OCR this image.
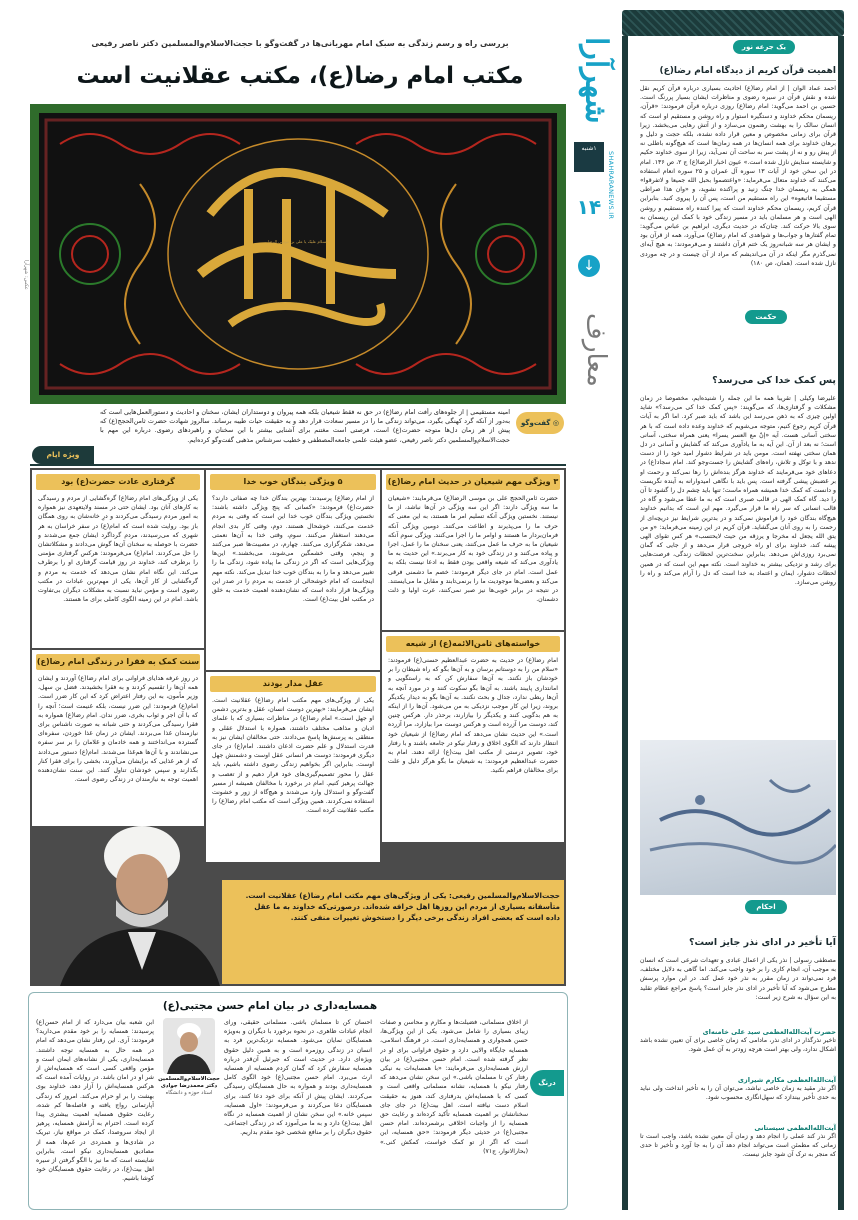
یک جرعه نور
اهمیت قرآن کریم از دیدگاه امام رضا(ع)
احمد عماد الوان | از امام رضا(ع) احادیث بسیاری درباره قرآن کریم نقل شده و نقش قرآن در سیره رضوی و مناظرات ایشان بسیار پررنگ است. حسین بن احمد می‌گوید: امام رضا(ع) روزی درباره قرآن فرمودند: «قرآن، ریسمان محکم خداوند و دستگیره استوار و راه روشن و مستقیم او است که انسان سالک را به بهشت رهنمون می‌سازد و از آتش رهایی می‌بخشد. زیرا قرآن برای زمانی مخصوص و معین قرار داده نشده، بلکه حجت و دلیل و برهان خداوند برای همه انسان‌ها در همه زمان‌ها است که هیچ‌گونه باطلی نه از پیش رو و نه از پشت سر به ساحت آن نمی‌آید، زیرا از سوی خداوند حکیم و شایسته ستایش نازل شده است.» عیون اخبار الرضا(ع) ج ۲، ص ۱۳۶. امام در این سخن خود از آیات ۱۳ سوره آل عمران و ۲۵ سوره انعام استفاده می‌کنند که خداوند متعال می‌فرماید: «واعتصموا بحبل الله جمیعا و لاتفرقوا» همگی به ریسمان خدا چنگ زنید و پراکنده نشوید، و «وان هذا صراطی مستقیما فاتبعوه» این راه مستقیم من است، پس آن را پیروی کنید. بنابراین قرآن کریم، ریسمان محکم خداوند است که پیرا کننده راه مستقیم و روشن الهی است و هر مسلمان باید در مسیر زندگی خود با کمک این ریسمان به سوی بالا حرکت کند. چنان‌که در حدیث دیگری، ابراهیم بن عباس می‌گوید: تمام گفتارها و جواب‌ها و شواهدی که امام رضا(ع) می‌آورد، همه از قرآن بود و ایشان هر سه شبانه‌روز یک ختم قرآن داشتند و می‌فرمودند: به هیچ آیه‌ای نمی‌گذرم مگر اینکه در آن می‌اندیشم که مراد از آن چیست و در چه موردی نازل شده است. (همان، ص ۱۸۰)
حکمت
پس کمک خدا کی می‌رسد؟
علیرضا وکیلی | تقریبا همه ما این جمله را شنیده‌ایم، مخصوصا در زمان مشکلات و گرفتاری‌ها، که می‌گویند: «پس کمک خدا کی می‌رسد؟» شاید اولین چیزی که به ذهن می‌رسد این باشد که باید صبر کرد. اما اگر به آیات قرآن کریم رجوع کنیم، متوجه می‌شویم که خداوند وعده داده است که با هر سختی آسانی هست. آیه «إنّ مع العسر یسرا» یعنی همراه سختی، آسانی است؛ نه بعد از آن. این آیه به ما یادآوری می‌کند که گشایش و آسانی در دل همان سختی نهفته است. مومن باید در شرایط دشوار امید خود را از دست ندهد و با توکل و تلاش، راه‌های گشایش را جست‌وجو کند. امام سجاد(ع) در دعاهای خود می‌فرمایند که خداوند هرگز بنده‌اش را رها نمی‌کند و رحمت او بر غضبش پیشی گرفته است. پس باید با نگاهی امیدوارانه به آینده نگریست و دانست که کمک خدا همیشه همراه ماست؛ تنها باید چشم دل را گشود تا آن را دید. گاه کمک الهی در قالب صبری است که به ما عطا می‌شود و گاه در قالب انسانی که سر راه ما قرار می‌گیرد. مهم این است که بدانیم خداوند هیچ‌گاه بندگان خود را فراموش نمی‌کند و در بدترین شرایط نیز دریچه‌ای از رحمت را به روی آنان می‌گشاید. قرآن کریم در این زمینه می‌فرماید: «و من یتق الله یجعل له مخرجا و یرزقه من حیث لایحتسب» هر کس تقوای الهی پیشه کند، خداوند برای او راه خروجی قرار می‌دهد و از جایی که گمان نمی‌برد روزی‌اش می‌دهد. بنابراین سخت‌ترین لحظات زندگی، فرصت‌هایی برای رشد و نزدیکی بیشتر به خداوند است. نکته مهم این است که در همین لحظات دشوار، ایمان و اعتماد به خدا است که دل را آرام می‌کند و راه را روشن می‌سازد.
احکام
آیا تأخیر در ادای نذر جایز است؟
مصطفی رسولی | نذر یکی از اعمال عبادی و تعهدات شرعی است که انسان به موجب آن، انجام کاری را بر خود واجب می‌کند. اما گاهی به دلایل مختلف، فرد نمی‌تواند در زمان مقرر به نذر خود عمل کند. در این موارد پرسش مطرح می‌شود که آیا تأخیر در ادای نذر جایز است؟ پاسخ مراجع عظام تقلید به این سؤال به شرح زیر است:
حضرت آیت‌الله‌العظمی سید علی خامنه‌ای
تاخیر نذرگذار در ادای نذر، مادامی که زمان خاصی برای آن تعیین نشده باشد اشکال ندارد، ولی بهتر است هرچه زودتر به آن عمل شود.
آیت‌الله‌العظمی مکارم شیرازی
اگر نذر مقید به زمان خاصی نباشد، می‌توان آن را به تأخیر انداخت ولی نباید به حدی تأخیر بیندازد که سهل‌انگاری محسوب شود.
آیت‌الله‌العظمی سیستانی
اگر نذر کند عملی را انجام دهد و زمان آن معین نشده باشد، واجب است تا زمانی که مطمئن است می‌تواند انجام دهد آن را به جا آورد و تأخیر تا حدی که منجر به ترک آن شود جایز نیست.
شهرآرا
۱شنبه
SHAHRARANEWS.IR
۱۴
↓
معارف
بررسی راه و رسم زندگی به سبک امام مهربانی‌ها در گفت‌وگو با حجت‌الاسلام‌والمسلمین دکتر ناصر رفیعی
مکتب امام رضا(ع)، مکتب عقلانیت است
السلام علیک یا علی بن موسی الرضا
عکس: شهرآرا
ویژه ایام
◎ گفت‌وگو
امینه مستقیمی | از جلوه‌های رأفت امام رضا(ع) در حق نه فقط شیعیان بلکه همه پیروان و دوستداران ایشان، سخنان و احادیث و دستورالعمل‌هایی است که به‌دور از آنکه گرد کهنگی بگیرد، می‌تواند زندگی ما را در مسیر سعادت قرار دهد و به حقیقت حیات طیبه برساند. سالروز شهادت حضرت ثامن‌الحجج(ع) که پیش از هر زمان دل‌ها متوجه حضرت(ع) است، فرصتی است مغتنم برای آشنایی بیشتر با این سخنان و راهبردهای رضوی. درباره این مهم با حجت‌الاسلام‌والمسلمین دکتر ناصر رفیعی، عضو هیئت علمی جامعه‌المصطفی و خطیب سرشناس مذهبی گفت‌وگو کرده‌ایم.
۳ ویژگی مهم شیعیان در حدیث امام رضا(ع)
حضرت ثامن‌الحجج علی بن موسی الرضا(ع) می‌فرمایند: «شیعیان ما سه ویژگی دارند: اگر این سه ویژگی در آن‌ها نباشد، از ما نیستند. نخستین ویژگی آنکه تسلیم امر ما هستند، به این معنی که حرف ما را می‌پذیرند و اطاعت می‌کنند. دومین ویژگی آنکه فرمان‌بردار ما هستند و اوامر ما را اجرا می‌کنند. ویژگی سوم آنکه شیعیان ما به حرف ما عمل می‌کنند، یعنی سخنان ما را عمل، اجرا و پیاده می‌کنند و در زندگی خود به کار می‌برند.» این حدیث به ما یادآوری می‌کند که شیعه واقعی بودن فقط به ادعا نیست بلکه به عمل است. امام در جای دیگر فرمودند: خصم ما دشمنی فرقی می‌کند و بعضی‌ها موجودیت ما را برنمی‌تابند و مقابل ما می‌ایستند. در نتیجه در برابر خوبی‌ها نیز صبر نمی‌کنند، عرت اولیا و ذلت دشمنان.
خواسته‌های ثامن‌الائمه(ع) از شیعه
امام رضا(ع) در حدیث به حضرت عبدالعظیم حسنی(ع) فرمودند: «سلام من را به دوستانم برسان و به آن‌ها بگو که راه شیطان را بر خودشان باز نکنند. به آن‌ها سفارش کن که به راستگویی و امانتداری پایبند باشند. به آن‌ها بگو سکوت کنند و در مورد آنچه به آن‌ها ربطی ندارد، جدال و بحث نکنند. به آن‌ها بگو به دیدار یکدیگر بروند، زیرا این کار موجب نزدیکی به من می‌شود. آن‌ها را از اینکه به هم بدگویی کنند و یکدیگر را بیازارند، برحذر دار. هرکس چنین کند، دوست مرا آزرده است و هرکس دوست مرا بیازارد، مرا آزرده است.» این حدیث نشان می‌دهد که امام رضا(ع) از شیعیان خود انتظار دارند که الگوی اخلاق و رفتار نیکو در جامعه باشند و با رفتار خود، تصویر درستی از مکتب اهل بیت(ع) ارائه دهند. امام به حضرت عبدالعظیم فرمودند: به شیعیان ما بگو هرگز دلیل و علت برای مخالفان فراهم نکنید.
۵ ویژگی بندگان خوب خدا
از امام رضا(ع) پرسیدند: بهترین بندگان خدا چه صفاتی دارند؟ حضرت(ع) فرمودند: «کسانی که پنج ویژگی داشته باشند: نخستین ویژگی بندگان خوب خدا این است که وقتی به مردم خدمت می‌کنند، خوشحال هستند. دوم، وقتی کار بدی انجام می‌دهند استغفار می‌کنند. سوم، وقتی خدا به آن‌ها نعمتی می‌دهد، شکرگزاری می‌کنند. چهارم، در مصیبت‌ها صبر می‌کنند و پنجم، وقتی خشمگین می‌شوند، می‌بخشند.» این‌ها ویژگی‌هایی است که اگر در زندگی ما پیاده شود، زندگی ما را تغییر می‌دهد و ما را به بندگان خوب خدا تبدیل می‌کند. نکته مهم اینجاست که امام خوشحالی از خدمت به مردم را در صدر این ویژگی‌ها قرار داده است که نشان‌دهنده اهمیت خدمت به خلق در مکتب اهل بیت(ع) است.
عقل مدار بودند
یکی از ویژگی‌های مهم مکتب امام رضا(ع) عقلانیت است. ایشان می‌فرمایند: «بهترین دوست انسان، عقل و بدترین دشمن او جهل است.» امام رضا(ع) در مناظرات بسیاری که با علمای ادیان و مذاهب مختلف داشتند، همواره با استدلال عقلی و منطقی به پرسش‌ها پاسخ می‌دادند. حتی مخالفان ایشان نیز به قدرت استدلال و علم حضرت اذعان داشتند. امام(ع) در جای دیگری فرمودند: دوست هر انسانی عقل اوست و دشمنش جهل اوست. بنابراین اگر بخواهیم زندگی رضوی داشته باشیم، باید عقل را محور تصمیم‌گیری‌های خود قرار دهیم و از تعصب و جهالت پرهیز کنیم. امام در برخورد با مخالفان همیشه از مسیر گفت‌وگو و استدلال وارد می‌شدند و هیچ‌گاه از زور و خشونت استفاده نمی‌کردند. همین ویژگی است که مکتب امام رضا(ع) را مکتب عقلانیت کرده است.
گرفتاری عادت حضرت(ع) بود
یکی از ویژگی‌های امام رضا(ع) گره‌گشایی از مردم و رسیدگی به کارهای آنان بود. ایشان حتی در مسند ولایتعهدی نیز همواره به امور مردم رسیدگی می‌کردند و درِ خانه‌شان به روی همگان باز بود. روایت شده است که امام(ع) در سفر خراسان به هر شهری که می‌رسیدند، مردم گرداگرد ایشان جمع می‌شدند و حضرت با حوصله به سخنان آن‌ها گوش می‌دادند و مشکلاتشان را حل می‌کردند. امام(ع) می‌فرمودند: هرکس گرفتاری مؤمنی را برطرف کند، خداوند در روز قیامت گرفتاری او را برطرف می‌کند. این نگاه امام نشان می‌دهد که خدمت به مردم و گره‌گشایی از کار آن‌ها، یکی از مهم‌ترین عبادات در مکتب رضوی است و مؤمن نباید نسبت به مشکلات دیگران بی‌تفاوت باشد. امام در این زمینه الگوی کاملی برای ما هستند.
سنت کمک به فقرا در زندگی امام رضا(ع)
در روز عرفه هدایای فراوانی برای امام رضا(ع) آوردند و ایشان همه آن‌ها را تقسیم کردند و به فقرا بخشیدند. فضل بن سهل، وزیر مأمون، به این رفتار اعتراض کرد که این کار ضرر است. امام(ع) فرمودند: این ضرر نیست، بلکه غنیمت است؛ آنچه را که با آن اجر و ثواب بخری، ضرر ندان. امام رضا(ع) همواره به فقرا رسیدگی می‌کردند و حتی شبانه به صورت ناشناس برای نیازمندان غذا می‌بردند. ایشان در زمان غذا خوردن، سفره‌ای گسترده می‌انداختند و همه خادمان و غلامان را بر سر سفره می‌نشاندند و با آن‌ها هم‌غذا می‌شدند. امام(ع) دستور می‌دادند که از هر غذایی که برایشان می‌آورند، بخشی را برای فقرا کنار بگذارند و سپس خودشان تناول کنند. این سنت نشان‌دهنده اهمیت توجه به نیازمندان در زندگی رضوی است.
حجت‌الاسلام‌والمسلمین رفیعی: یکی از ویژگی‌های مهم مکتب امام رضا(ع) عقلانیت است. متأسفانه بسیاری از مردم این روزها اهل خرافه شده‌اند. درصورتی‌که خداوند به ما عقل داده است که بعضی افراد زندگی برخی دیگر را دستخوش تغییرات منفی کنند.
همسایه‌داری در بیان امام حسن مجتبی(ع)
درنگ
از اخلاق مسلمانی، فضیلت‌ها و مکارم و محاسن و صفات زیبای بسیاری را شامل می‌شود. یکی از این ویژگی‌ها، حسن همجواری و همسایه‌داری است. در فرهنگ اسلامی، همسایه جایگاه والایی دارد و حقوق فراوانی برای او در نظر گرفته شده است. امام حسن مجتبی(ع) در بیان ارزش همسایه‌داری می‌فرمایند: «با همسایه‌ات به نیکی رفتار کن تا مسلمان باشی.» این سخن نشان می‌دهد که رفتار نیکو با همسایه، نشانه مسلمانی واقعی است و کسی که با همسایه‌اش بدرفتاری کند، هنوز به حقیقت اسلام دست نیافته است. اهل بیت(ع) در جای جای سخنانشان بر اهمیت همسایه تأکید کرده‌اند و رعایت حق همسایه را از واجبات اخلاقی برشمرده‌اند. امام حسن مجتبی(ع) در حدیثی دیگر فرمودند: «حق همسایه، این است که اگر از تو کمک خواست، کمکش کنی.» (بحارالانوار، ج۷۱)
احسان کن تا مسلمان باشی. مسلمانی حقیقی، ورای انجام عبادات ظاهری، در نحوه برخورد با دیگران و به‌ویژه همسایگان نمایان می‌شود. همسایه نزدیک‌ترین فرد به انسان در زندگی روزمره است و به همین دلیل حقوق ویژه‌ای دارد. در حدیث است که جبرئیل آن‌قدر درباره همسایه سفارش کرد که گمان کردم همسایه از همسایه ارث می‌برد. امام حسن مجتبی(ع) خود الگوی کامل همسایه‌داری بودند و همواره به حال همسایگان رسیدگی می‌کردند. ایشان پیش از آنکه برای خود دعا کنند، برای همسایگان دعا می‌کردند و می‌فرمودند: «اول همسایه، سپس خانه.» این سخن نشان از اهمیت همسایه در نگاه اهل بیت(ع) دارد و به ما می‌آموزد که در زندگی اجتماعی، حقوق دیگران را بر منافع شخصی خود مقدم بداریم.
حجت‌الاسلام‌والمسلمین دکتر محمدرضا جوادی
استاد حوزه و دانشگاه
ابن شعبه بیان می‌دارد که از امام حسن(ع) پرسیدند: همسایه را بر خود مقدم می‌دارید؟ فرمودند: آری. این رفتار نشان می‌دهد که امام در همه حال به همسایه توجه داشتند. همسایه‌داری، یکی از نشانه‌های ایمان است و مؤمن واقعی کسی است که همسایه‌اش از شر او در امان باشد. در روایات آمده است که هرکس همسایه‌اش را آزار دهد، خداوند بوی بهشت را بر او حرام می‌کند. امروز که زندگی آپارتمانی رواج یافته و فاصله‌ها کم شده، رعایت حقوق همسایه اهمیت بیشتری پیدا کرده است. احترام به آرامش همسایه، پرهیز از ایجاد سروصدا، کمک در مواقع نیاز، تبریک در شادی‌ها و همدردی در غم‌ها، همه از مصادیق همسایه‌داری نیکو است. بنابراین شایسته است که ما نیز با الگو گرفتن از سیره اهل بیت(ع)، در رعایت حقوق همسایگان خود کوشا باشیم.
